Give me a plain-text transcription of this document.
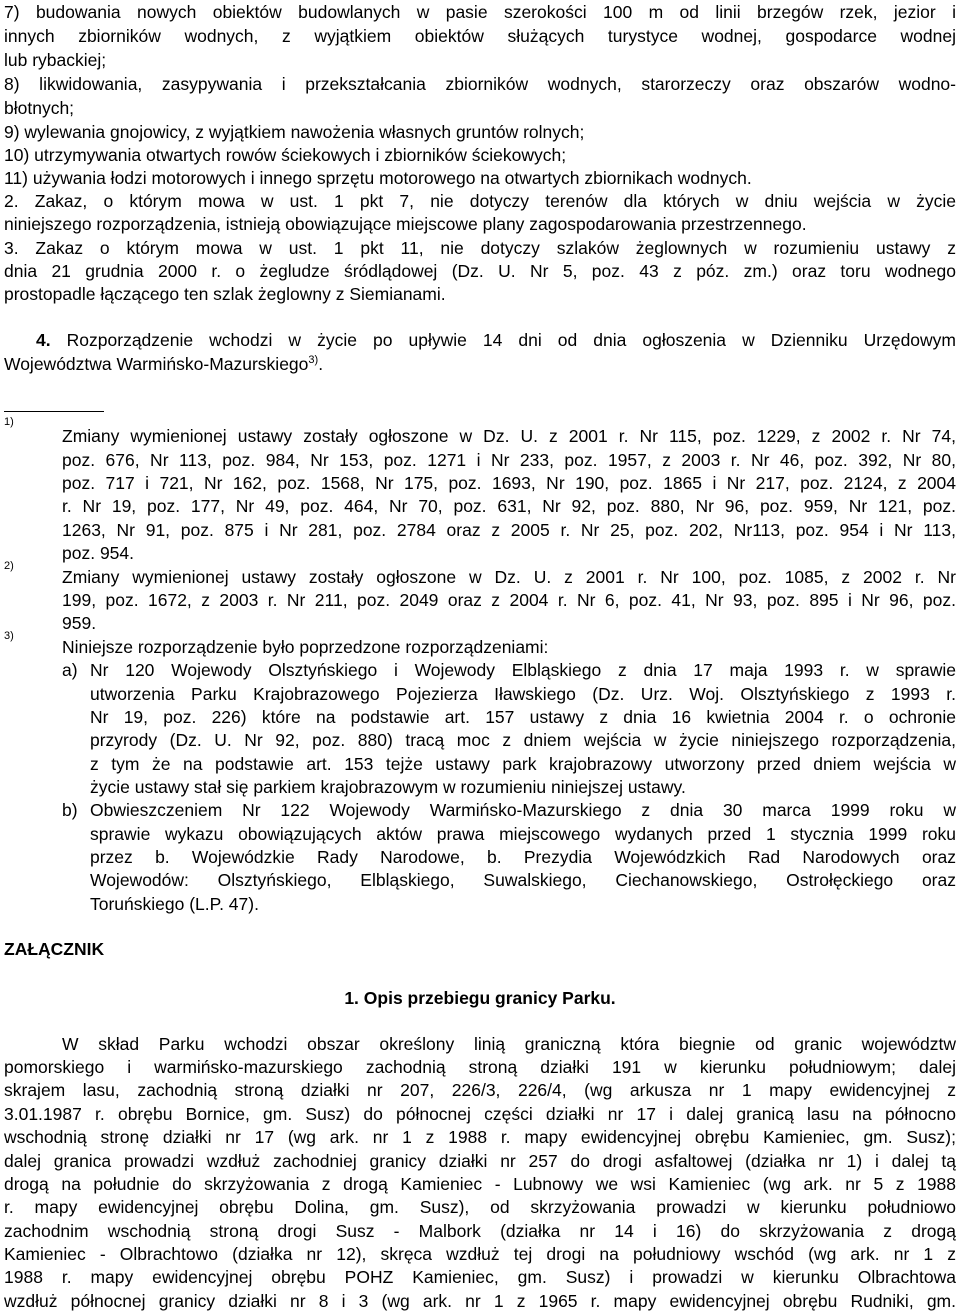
7) budowania nowych obiektów budowlanych w pasie szerokości 100 m od linii brzegów rzek, jezior i
innych zbiorników wodnych, z wyjątkiem obiektów służących turystyce wodnej, gospodarce wodnej
lub rybackiej;
8) likwidowania, zasypywania i przekształcania zbiorników wodnych, starorzeczy oraz obszarów wodno-
błotnych;
9) wylewania gnojowicy, z wyjątkiem nawożenia własnych gruntów rolnych;
10) utrzymywania otwartych rowów ściekowych i zbiorników ściekowych;
11) używania łodzi motorowych i innego sprzętu motorowego na otwartych zbiornikach wodnych.
2. Zakaz, o którym mowa w ust. 1 pkt 7, nie dotyczy terenów dla których w dniu wejścia w życie
niniejszego rozporządzenia, istnieją obowiązujące miejscowe plany zagospodarowania przestrzennego.
3. Zakaz o którym mowa w ust. 1 pkt 11, nie dotyczy szlaków żeglownych w rozumieniu ustawy z
dnia 21 grudnia 2000 r. o żegludze śródlądowej (Dz. U. Nr 5, poz. 43 z póz. zm.) oraz toru wodnego
prostopadle łączącego ten szlak żeglowny z Siemianami.
4. Rozporządzenie wchodzi w życie po upływie 14 dni od dnia ogłoszenia w Dzienniku Urzędowym
Województwa Warmińsko-Mazurskiego$^{3)}$.
1)
Zmiany wymienionej ustawy zostały ogłoszone w Dz. U. z 2001 r. Nr 115, poz. 1229, z 2002 r. Nr 74,
poz. 676, Nr 113, poz. 984, Nr 153, poz. 1271 i Nr 233, poz. 1957, z 2003 r. Nr 46, poz. 392, Nr 80,
poz. 717 i 721, Nr 162, poz. 1568, Nr 175, poz. 1693, Nr 190, poz. 1865 i Nr 217, poz. 2124, z 2004
r. Nr 19, poz. 177, Nr 49, poz. 464, Nr 70, poz. 631, Nr 92, poz. 880, Nr 96, poz. 959, Nr 121, poz.
1263, Nr 91, poz. 875 i Nr 281, poz. 2784 oraz z 2005 r. Nr 25, poz. 202, Nr113, poz. 954 i Nr 113,
poz. 954.
2)
Zmiany wymienionej ustawy zostały ogłoszone w Dz. U. z 2001 r. Nr 100, poz. 1085, z 2002 r. Nr
199, poz. 1672, z 2003 r. Nr 211, poz. 2049 oraz z 2004 r. Nr 6, poz. 41, Nr 93, poz. 895 i Nr 96, poz.
959.
3)
Niniejsze rozporządzenie było poprzedzone rozporządzeniami:
a) Nr 120 Wojewody Olsztyńskiego i Wojewody Elbląskiego z dnia 17 maja 1993 r. w sprawie
utworzenia Parku Krajobrazowego Pojezierza Iławskiego (Dz. Urz. Woj. Olsztyńskiego z 1993 r.
Nr 19, poz. 226) które na podstawie art. 157 ustawy z dnia 16 kwietnia 2004 r. o ochronie
przyrody (Dz. U. Nr 92, poz. 880) tracą moc z dniem wejścia w życie niniejszego rozporządzenia,
z tym że na podstawie art. 153 tejże ustawy park krajobrazowy utworzony przed dniem wejścia w
życie ustawy stał się parkiem krajobrazowym w rozumieniu niniejszej ustawy.
b) Obwieszczeniem Nr 122 Wojewody Warmińsko-Mazurskiego z dnia 30 marca 1999 roku w
sprawie wykazu obowiązujących aktów prawa miejscowego wydanych przed 1 stycznia 1999 roku
przez b. Wojewódzkie Rady Narodowe, b. Prezydia Wojewódzkich Rad Narodowych oraz
Wojewodów: Olsztyńskiego, Elbląskiego, Suwalskiego, Ciechanowskiego, Ostrołęckiego oraz
Toruńskiego (L.P. 47).
ZAŁĄCZNIK
1. Opis przebiegu granicy Parku.
W skład Parku wchodzi obszar określony linią graniczną która biegnie od granic województw
pomorskiego i warmińsko-mazurskiego zachodnią stroną działki 191 w kierunku południowym; dalej
skrajem lasu, zachodnią stroną działki nr 207, 226/3, 226/4, (wg arkusza nr 1 mapy ewidencyjnej z
3.01.1987 r. obrębu Bornice, gm. Susz) do północnej części działki nr 17 i dalej granicą lasu na północno
wschodnią stronę działki nr 17 (wg ark. nr 1 z 1988 r. mapy ewidencyjnej obrębu Kamieniec, gm. Susz);
dalej granica prowadzi wzdłuż zachodniej granicy działki nr 257 do drogi asfaltowej (działka nr 1) i dalej tą
drogą na południe do skrzyżowania z drogą Kamieniec - Lubnowy we wsi Kamieniec (wg ark. nr 5 z 1988
r. mapy ewidencyjnej obrębu Dolina, gm. Susz), od skrzyżowania prowadzi w kierunku południowo
zachodnim wschodnią stroną drogi Susz - Malbork (działka nr 14 i 16) do skrzyżowania z drogą
Kamieniec - Olbrachtowo (działka nr 12), skręca wzdłuż tej drogi na południowy wschód (wg ark. nr 1 z
1988 r. mapy ewidencyjnej obrębu POHZ Kamieniec, gm. Susz) i prowadzi w kierunku Olbrachtowa
wzdłuż północnej granicy działki nr 8 i 3 (wg ark. nr 1 z 1965 r. mapy ewidencyjnej obrębu Rudniki, gm.
